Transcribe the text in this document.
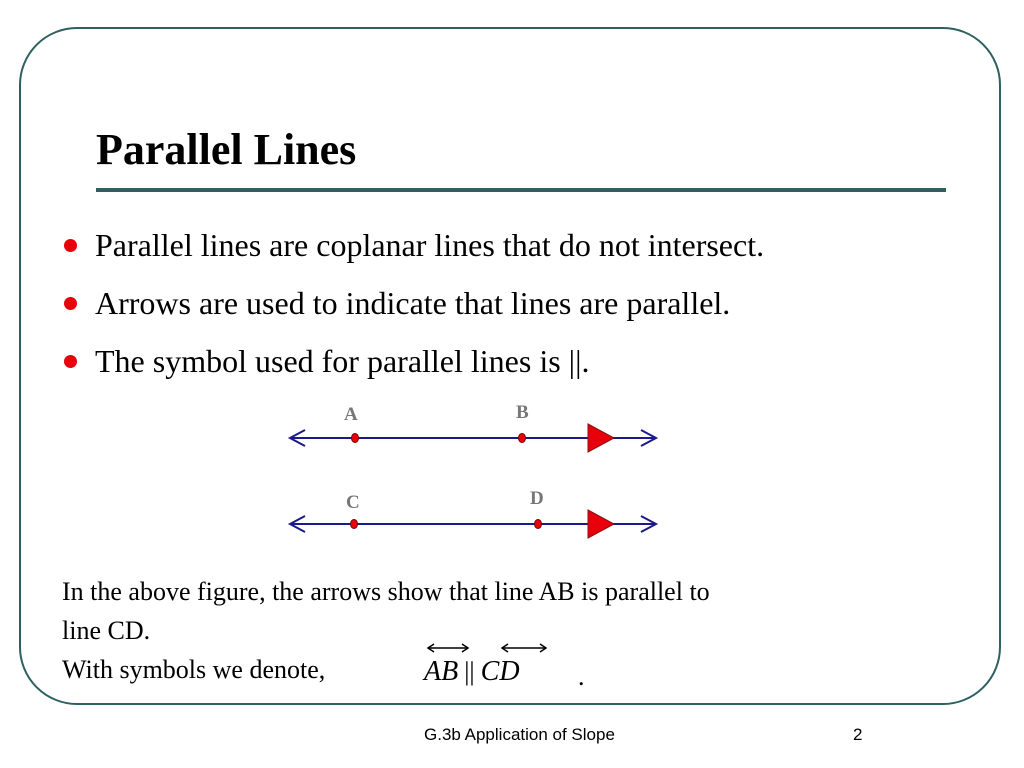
Parallel Lines
Parallel lines are coplanar lines that do not intersect.
Arrows are used to indicate that lines are parallel.
The symbol used for parallel lines is ||.
A	B
C	D
In the above figure, the arrows show that line AB is parallel to
line CD.
With symbols we denote,	AB || CD .
G.3b Application of Slope	2
